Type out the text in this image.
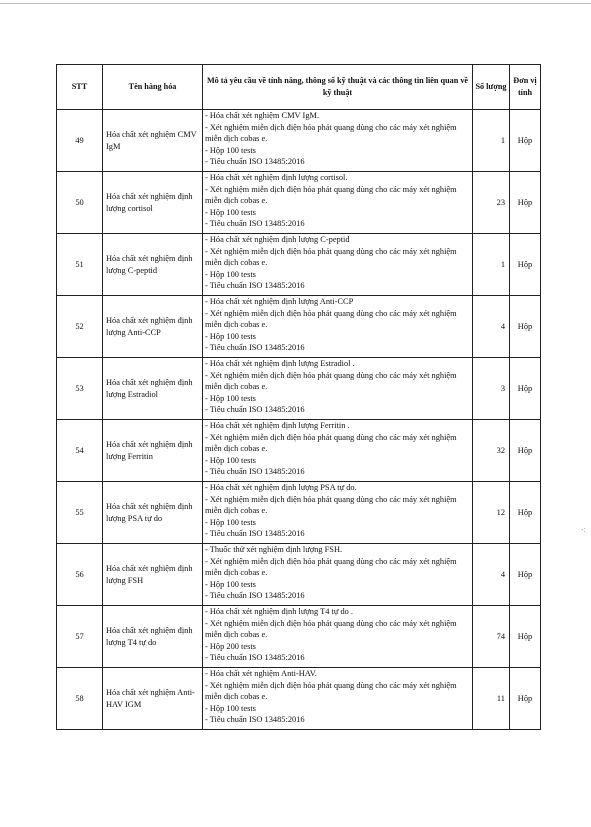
-:
STT	Tên hàng hóa	Mô tả yêu cầu về tính năng, thông số kỹ thuật và các thông tin liên quan về kỹ thuật	Số lượng	Đơn vị tính
49	Hóa chất xét nghiệm CMV IgM	- Hóa chất xét nghiệm CMV IgM.
- Xét nghiệm miễn dịch điện hóa phát quang dùng cho các máy xét nghiệm miễn dịch cobas e.
- Hộp 100 tests
- Tiêu chuẩn ISO 13485:2016	1	Hộp
50	Hóa chất xét nghiệm định lượng cortisol	- Hóa chất xét nghiệm định lượng cortisol.
- Xét nghiệm miễn dịch điện hóa phát quang dùng cho các máy xét nghiệm miễn dịch cobas e.
- Hộp 100 tests
- Tiêu chuẩn ISO 13485:2016	23	Hộp
51	Hóa chất xét nghiệm định lượng C-peptid	- Hóa chất xét nghiệm định lượng C-peptid
- Xét nghiệm miễn dịch điện hóa phát quang dùng cho các máy xét nghiệm miễn dịch cobas e.
- Hộp 100 tests
- Tiêu chuẩn ISO 13485:2016	1	Hộp
52	Hóa chất xét nghiệm định lượng Anti-CCP	- Hóa chất xét nghiệm định lượng Anti-CCP
- Xét nghiệm miễn dịch điện hóa phát quang dùng cho các máy xét nghiệm miễn dịch cobas e.
- Hộp 100 tests
- Tiêu chuẩn ISO 13485:2016	4	Hộp
53	Hóa chất xét nghiệm định lượng Estradiol	- Hóa chất xét nghiệm định lượng Estradiol .
- Xét nghiệm miễn dịch điện hóa phát quang dùng cho các máy xét nghiệm miễn dịch cobas e.
- Hộp 100 tests
- Tiêu chuẩn ISO 13485:2016	3	Hộp
54	Hóa chất xét nghiệm định lượng Ferritin	- Hóa chất xét nghiệm định lượng Ferritin .
- Xét nghiệm miễn dịch điện hóa phát quang dùng cho các máy xét nghiệm miễn dịch cobas e.
- Hộp 100 tests
- Tiêu chuẩn ISO 13485:2016	32	Hộp
55	Hóa chất xét nghiệm định lượng PSA tự do	- Hóa chất xét nghiệm định lượng PSA tự do.
- Xét nghiệm miễn dịch điện hóa phát quang dùng cho các máy xét nghiệm miễn dịch cobas e.
- Hộp 100 tests
- Tiêu chuẩn ISO 13485:2016	12	Hộp
56	Hóa chất xét nghiệm định lượng FSH	- Thuốc thử xét nghiệm định lượng FSH.
- Xét nghiệm miễn dịch điện hóa phát quang dùng cho các máy xét nghiệm miễn dịch cobas e.
- Hộp 100 tests
- Tiêu chuẩn ISO 13485:2016	4	Hộp
57	Hóa chất xét nghiệm định lượng T4 tự do	- Hóa chất xét nghiệm định lượng T4 tự do .
- Xét nghiệm miễn dịch điện hóa phát quang dùng cho các máy xét nghiệm miễn dịch cobas e.
- Hộp 200 tests
- Tiêu chuẩn ISO 13485:2016	74	Hộp
58	Hóa chất xét nghiệm Anti-HAV IGM	- Hóa chất xét nghiệm Anti-HAV.
- Xét nghiệm miễn dịch điện hóa phát quang dùng cho các máy xét nghiệm miễn dịch cobas e.
- Hộp 100 tests
- Tiêu chuẩn ISO 13485:2016	11	Hộp
